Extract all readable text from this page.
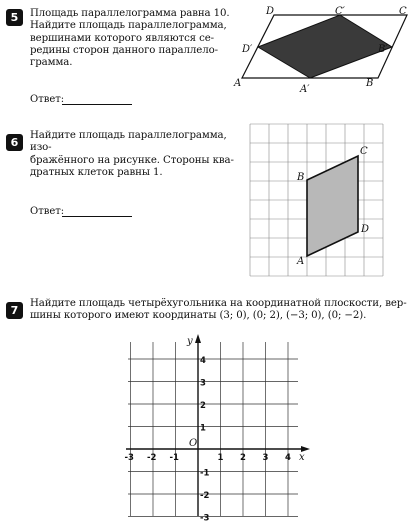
5	Площадь параллелограмма равна 10.
Найдите площадь параллелограмма,
вершинами которого являются се-
редины сторон данного параллело-
грамма.
Ответ:
A	B
C
D
A′
B′
C′
D′
6
Найдите площадь параллелограмма, изо-
бражённого на рисунке. Стороны ква-
дратных клеток равны 1.
Ответ:
A
B
C
D
7
Найдите площадь четырёхугольника на координатной плоскости, вер-
шины которого имеют координаты (3; 0), (0; 2), (−3; 0), (0; −2).
x
y
O
-3 -2 -1	1 2 3 4
4
3
2
1
-1
-2
-3
